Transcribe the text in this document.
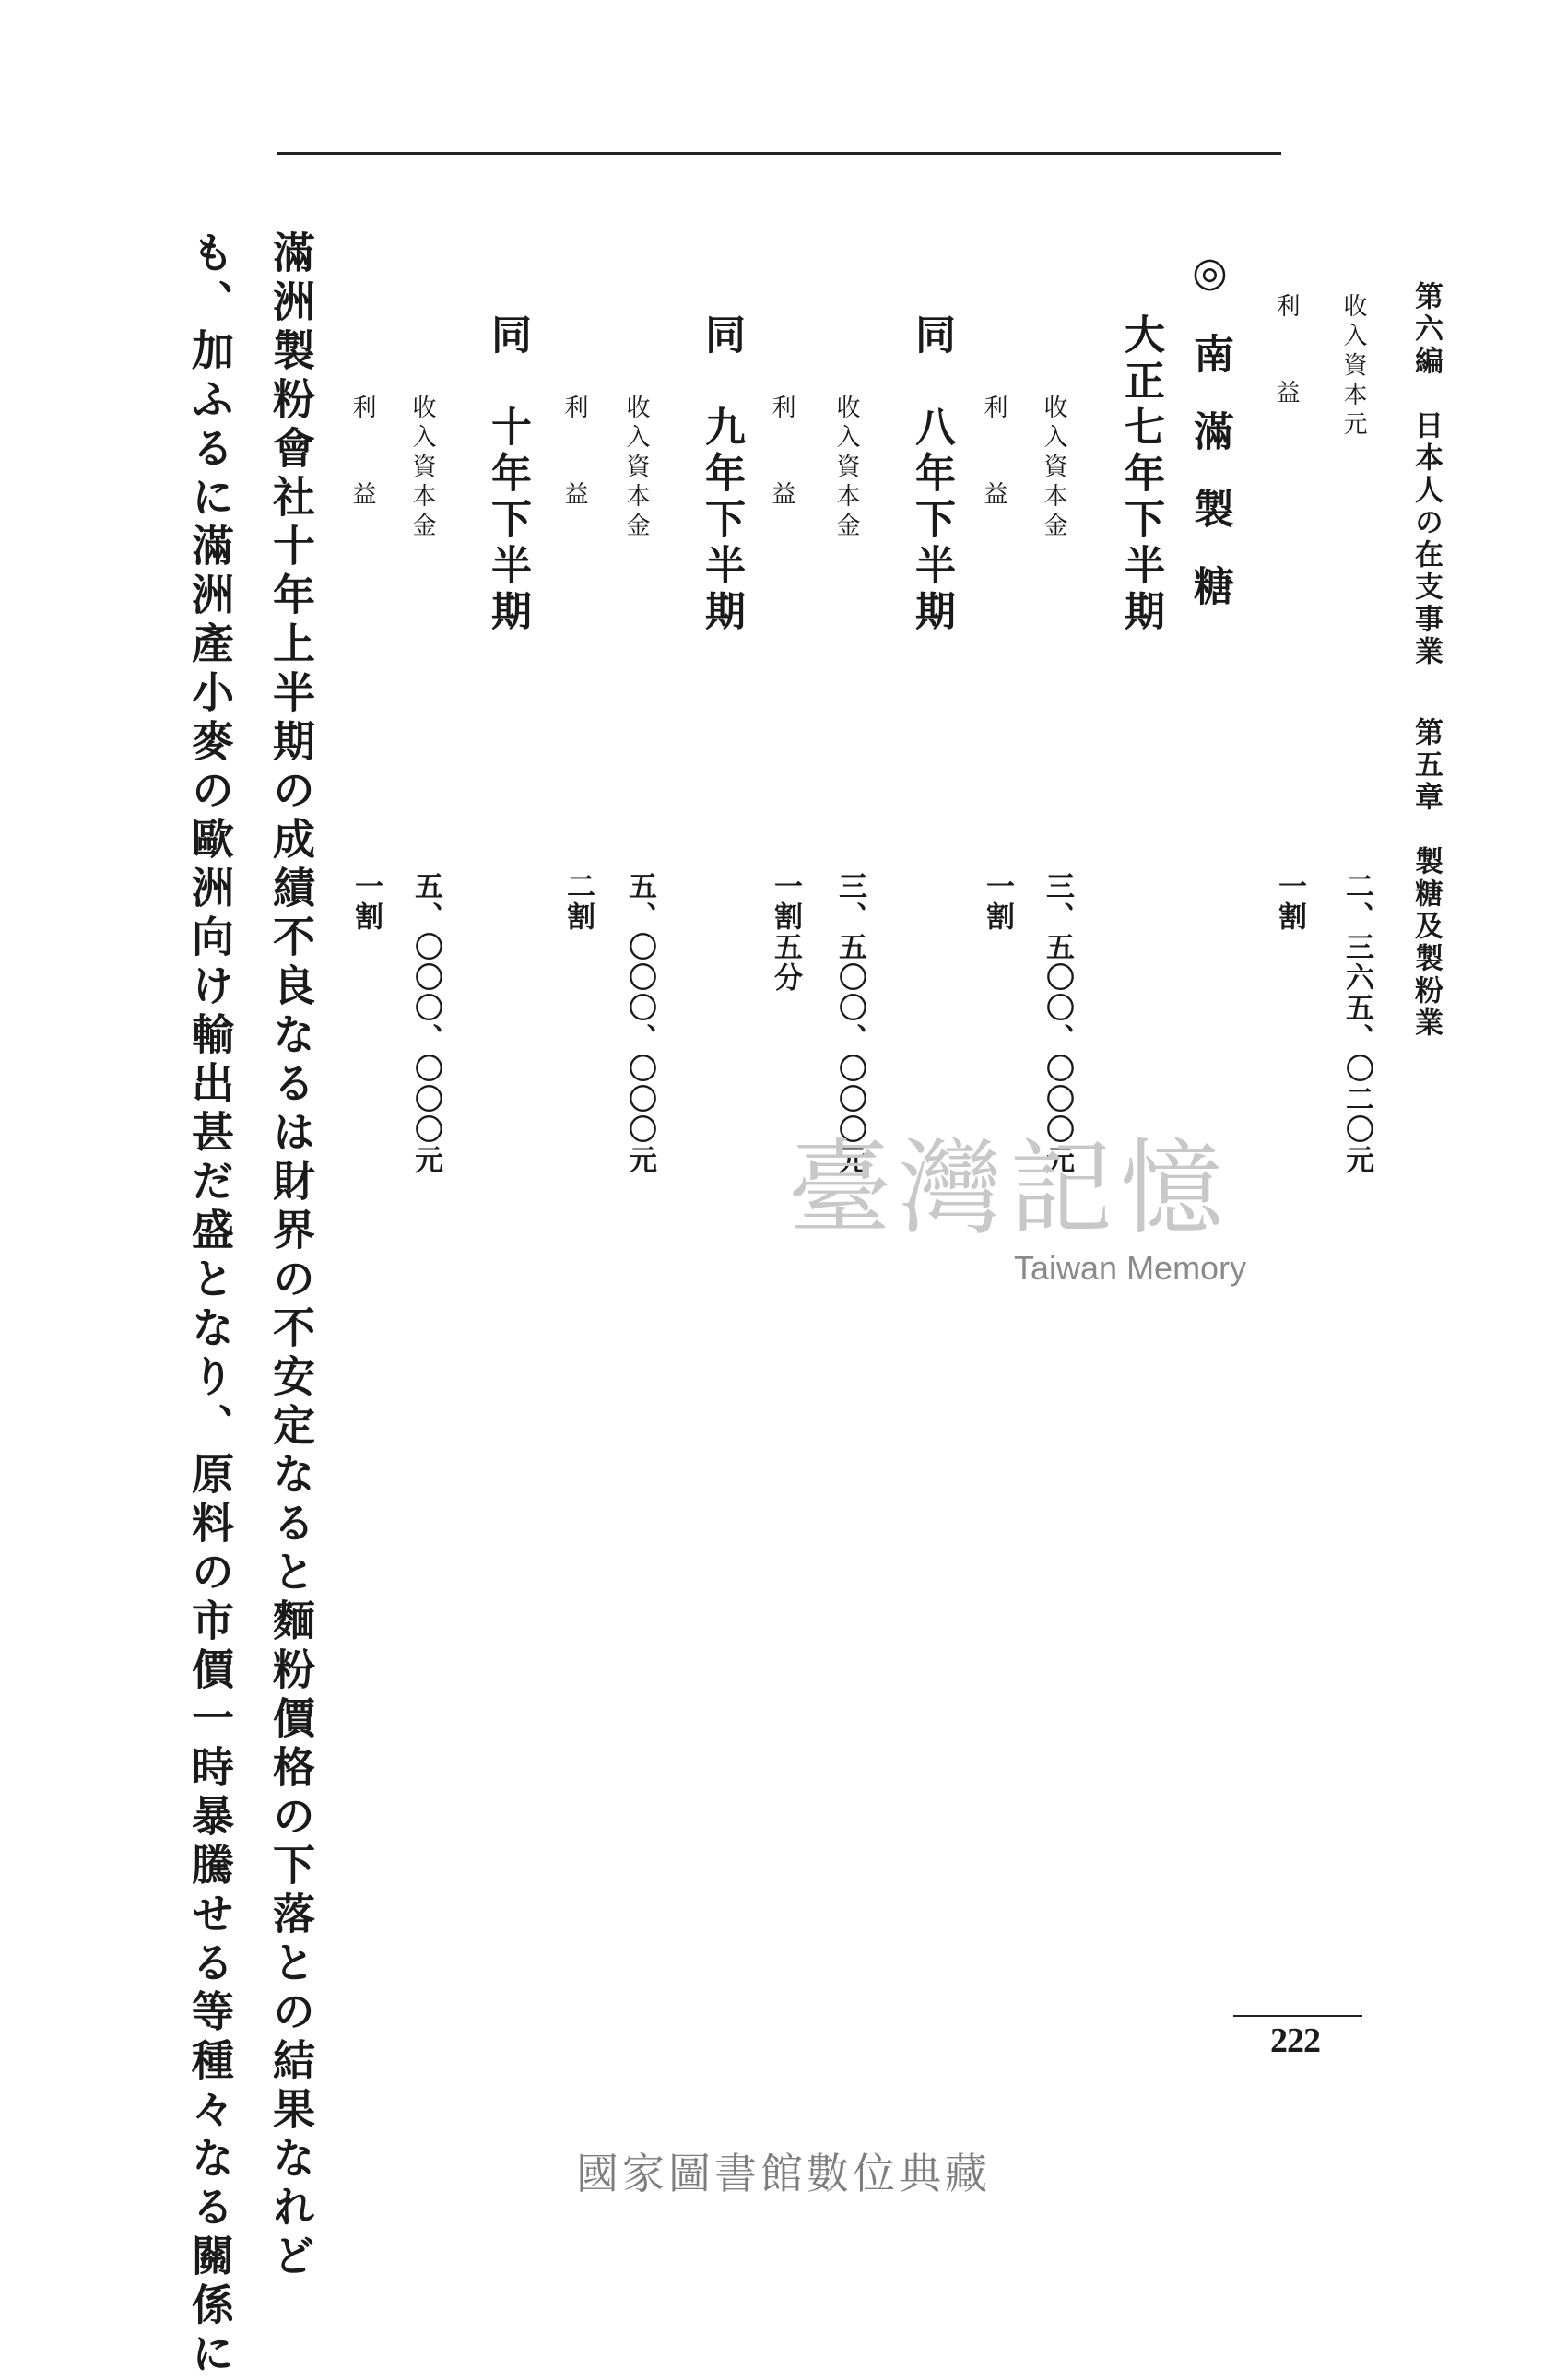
第六編　日本人の在支事業
第五章　製糖及製粉業
收入資本元
二、三六五、〇二〇元
利益
一割
◎南滿製糖
大正七年下半期
收入資本金
三、五〇〇、〇〇〇元
利益
一割
同　八年下半期
收入資本金
三、五〇〇、〇〇〇元
利益
一割五分
同　九年下半期
收入資本金
五、〇〇〇、〇〇〇元
利益
二割
同　十年下半期
收入資本金
五、〇〇〇、〇〇〇元
利益
一割
滿洲製粉會社十年上半期の成績不良なるは財界の不安定なると麵粉價格の下落との結果なれど
も、加ふるに滿洲產小麥の歐洲向け輸出甚だ盛となり、原料の市價一時暴騰せる等種々なる關係に	222
臺灣記憶
Taiwan Memory
國家圖書館數位典藏
